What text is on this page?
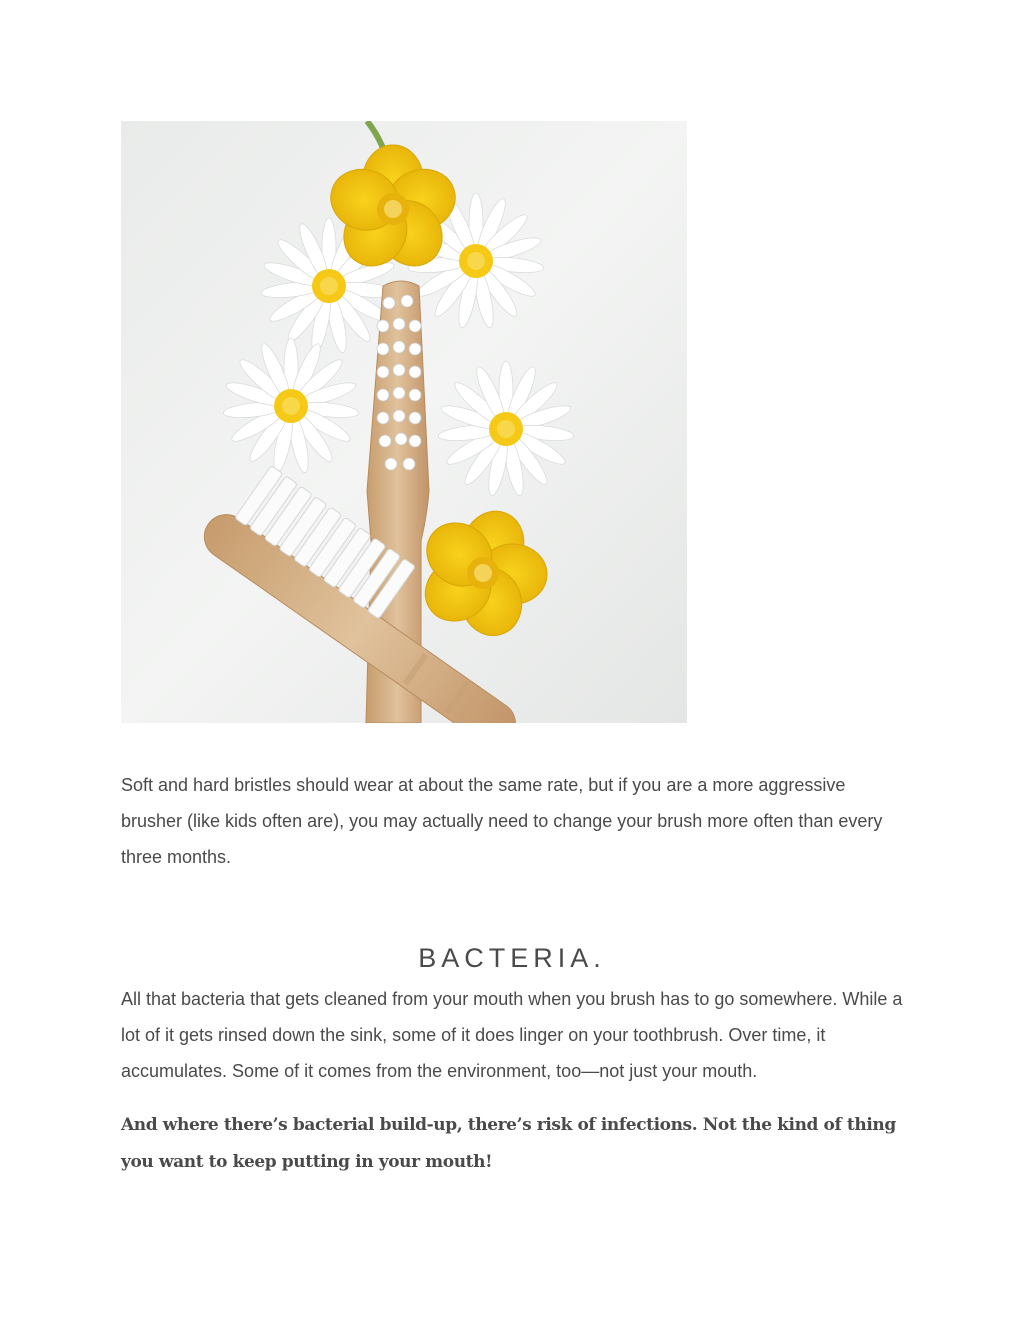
Soft and hard bristles should wear at about the same rate, but if you are a more aggressive brusher (like kids often are), you may actually need to change your brush more often than every three months.

BACTERIA.

All that bacteria that gets cleaned from your mouth when you brush has to go somewhere. While a lot of it gets rinsed down the sink, some of it does linger on your toothbrush. Over time, it accumulates. Some of it comes from the environment, too—not just your mouth.

And where there’s bacterial build-up, there’s risk of infections. Not the kind of thing you want to keep putting in your mouth!
